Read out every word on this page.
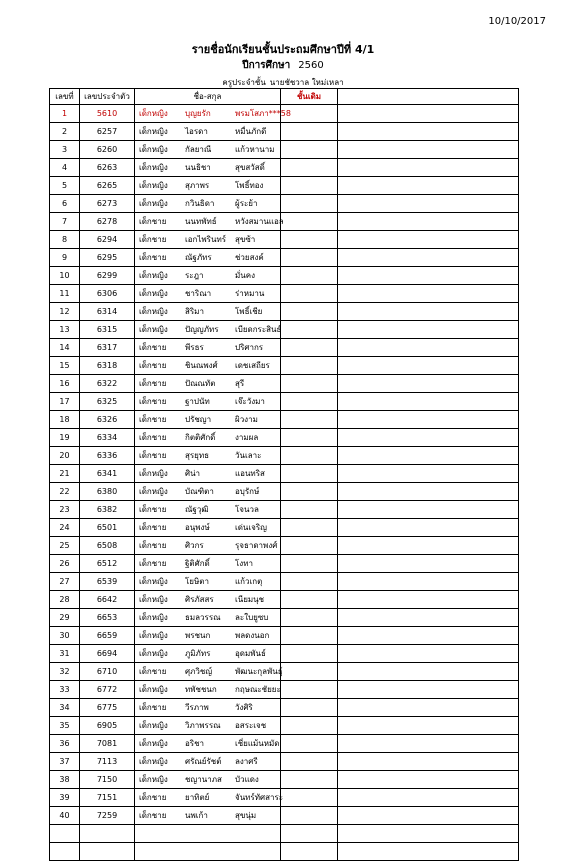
10/10/2017
รายชื่อนักเรียนชั้นประถมศึกษาปีที่ 4/1
ปีการศึกษา 2560
ครูประจำชั้น นายชัชวาล ใหม่เหลา
เลขที่	เลขประจำตัว	ชื่อ-สกุล	ชั้นเดิม	
1	5610	เด็กหญิง บุญยรัก พรมโสภา***58		
2	6257	เด็กหญิง ไอรดา หมื่นภักดี		
3	6260	เด็กหญิง กัลยาณี แก้วหานาม		
4	6263	เด็กหญิง นนธิชา สุขสวัสดิ์		
5	6265	เด็กหญิง สุภาพร โพธิ์ทอง		
6	6273	เด็กหญิง กวินธิดา ผู้ระย้า		
7	6278	เด็กชาย นนทพัทธ์ หวังสมานแอล		
8	6294	เด็กชาย เอกไพรินทร์ สุขซ้า		
9	6295	เด็กชาย ณัฐภัทร ช่วยสงค์		
10	6299	เด็กหญิง ระฎา มั่นคง		
11	6306	เด็กหญิง ชาริณา ร่าหมาน		
12	6314	เด็กหญิง สิริมา โพธิ์เชีย		
13	6315	เด็กหญิง ปัญญภัทร เบียดกระสินธ์		
14	6317	เด็กชาย พีรธร ปริศากร		
15	6318	เด็กชาย ชินณพงศ์ เดชเสถียร		
16	6322	เด็กชาย ปัณณทัต สุรี		
17	6325	เด็กชาย ฐาปนัท เจ๊ะวังมา		
18	6326	เด็กชาย ปรัชญา ผิวงาม		
19	6334	เด็กชาย กิตติศักดิ์ งามผล		
20	6336	เด็กชาย สุรยุทธ วันเลาะ		
21	6341	เด็กหญิง ศิน่า แอนทริส		
22	6380	เด็กหญิง บัณฑิตา อบุรักษ์		
23	6382	เด็กชาย ณัฐวุฒิ โจนวล		
24	6501	เด็กชาย อนุพงษ์ เด่นเจริญ		
25	6508	เด็กชาย ศิวกร รุจธาดาพงศ์		
26	6512	เด็กชาย ฐิติศักดิ์ โงทา		
27	6539	เด็กหญิง โยษิตา แก้วเกตุ		
28	6642	เด็กหญิง ศิรภัสสร เนียมนุช		
29	6653	เด็กหญิง ธมลวรรณ ละใบยูซบ		
30	6659	เด็กหญิง พรชนก พลดงนอก		
31	6694	เด็กหญิง ภูมิภัทร อุดมพันธ์		
32	6710	เด็กชาย ศุภวิชญ์ พัฒนะกุลพันธุ์		
33	6772	เด็กหญิง ทพัชชนก กฤษณะชัยยะ		
34	6775	เด็กชาย วีรภาพ วังศิริ		
35	6905	เด็กหญิง วิภาพรรณ อสระเจช		
36	7081	เด็กหญิง อริชา เชี่ยแม้นหมัด		
37	7113	เด็กหญิง ศรัณย์รัชต์ ลงาศรี		
38	7150	เด็กหญิง ชญานาภส บัวแดง		
39	7151	เด็กชาย ยาทิตย์ จันทร์ทัศสาระ		
40	7259	เด็กชาย นพเก้า สุขนุ่ม		
